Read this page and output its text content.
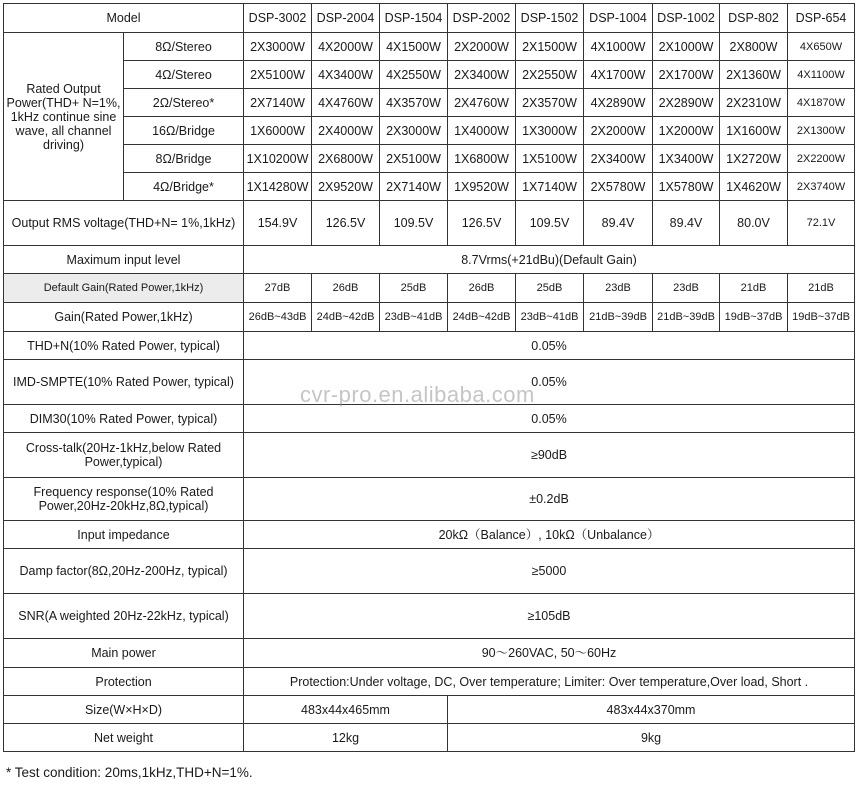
Model		DSP-3002	DSP-2004	DSP-1504	DSP-2002	DSP-1502	DSP-1004	DSP-1002	DSP-802	DSP-654
Rated Output Power(THD+ N=1%, 1kHz continue sine wave, all channel driving)	8Ω/Stereo	2X3000W	4X2000W	4X1500W	2X2000W	2X1500W	4X1000W	2X1000W	2X800W	4X650W
	4Ω/Stereo	2X5100W	4X3400W	4X2550W	2X3400W	2X2550W	4X1700W	2X1700W	2X1360W	4X1100W
	2Ω/Stereo*	2X7140W	4X4760W	4X3570W	2X4760W	2X3570W	4X2890W	2X2890W	2X2310W	4X1870W
	16Ω/Bridge	1X6000W	2X4000W	2X3000W	1X4000W	1X3000W	2X2000W	1X2000W	1X1600W	2X1300W
	8Ω/Bridge	1X10200W	2X6800W	2X5100W	1X6800W	1X5100W	2X3400W	1X3400W	1X2720W	2X2200W
	4Ω/Bridge*	1X14280W	2X9520W	2X7140W	1X9520W	1X7140W	2X5780W	1X5780W	1X4620W	2X3740W
Output RMS voltage(THD+N= 1%,1kHz)		154.9V	126.5V	109.5V	126.5V	109.5V	89.4V	89.4V	80.0V	72.1V
Maximum input level		8.7Vrms(+21dBu)(Default Gain)								
Default Gain(Rated Power,1kHz)		27dB	26dB	25dB	26dB	25dB	23dB	23dB	21dB	21dB
Gain(Rated Power,1kHz)		26dB~43dB	24dB~42dB	23dB~41dB	24dB~42dB	23dB~41dB	21dB~39dB	21dB~39dB	19dB~37dB	19dB~37dB
THD+N(10% Rated Power, typical)		0.05%								
IMD-SMPTE(10% Rated Power, typical)		0.05%								
DIM30(10% Rated Power, typical)		0.05%								
Cross-talk(20Hz-1kHz,below Rated Power,typical)		≥90dB								
Frequency response(10% Rated Power,20Hz-20kHz,8Ω,typical)		±0.2dB								
Input impedance		20kΩ（Balance）, 10kΩ（Unbalance）								
Damp factor(8Ω,20Hz-200Hz, typical)		≥5000								
SNR(A weighted 20Hz-22kHz, typical)		≥105dB								
Main power		90～260VAC, 50～60Hz								
Protection		Protection:Under voltage, DC, Over temperature; Limiter: Over temperature,Over load, Short .								
Size(W×H×D)		483x44x465mm			483x44x370mm					
Net weight		12kg			9kg					
cvr-pro.en.alibaba.com
* Test condition: 20ms,1kHz,THD+N=1%.
